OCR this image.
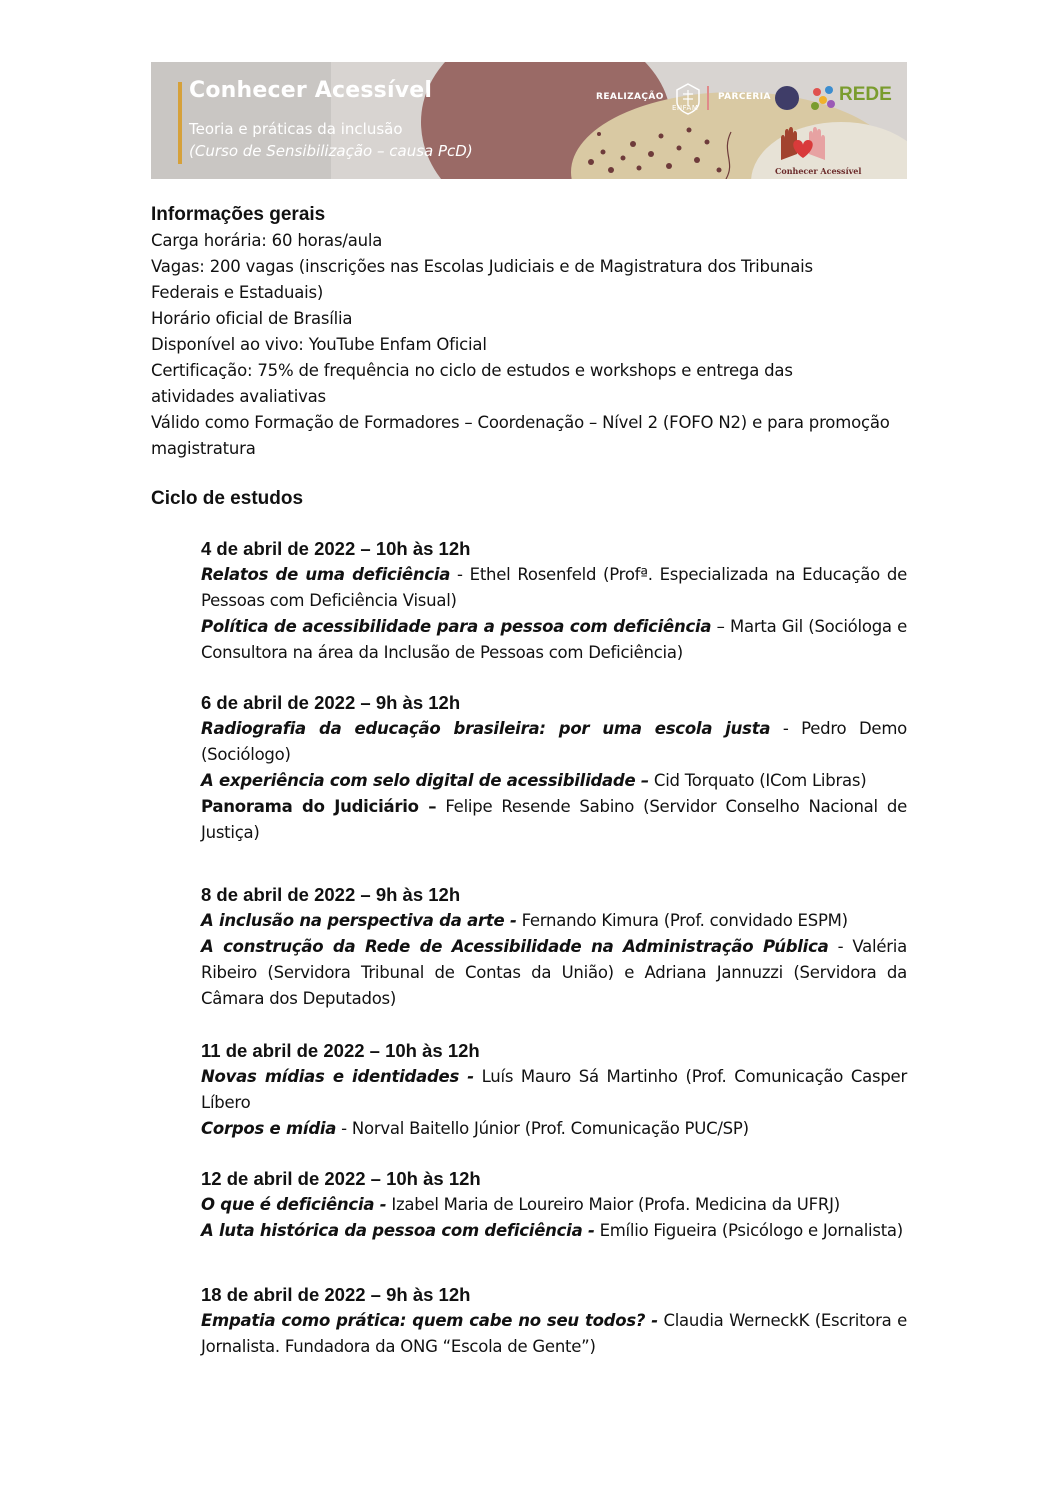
Conhecer Acessível
Teoria e práticas da inclusão
(Curso de Sensibilização – causa PcD)
REALIZAÇÃO
ENFAM
PARCERIA	REDE
Conhecer Acessível
Informações gerais

Carga horária: 60 horas/aula

Vagas: 200 vagas (inscrições nas Escolas Judiciais e de Magistratura dos Tribunais Federais e Estaduais)

Horário oficial de Brasília

Disponível ao vivo: YouTube Enfam Oficial

Certificação: 75% de frequência no ciclo de estudos e workshops e entrega das atividades avaliativas

Válido como Formação de Formadores – Coordenação – Nível 2 (FOFO N2) e para promoção magistratura

Ciclo de estudos
4 de abril de 2022 – 10h às 12h

Relatos de uma deficiência - Ethel Rosenfeld (Profª. Especializada na Educação de Pessoas com Deficiência Visual)

Política de acessibilidade para a pessoa com deficiência – Marta Gil (Socióloga e Consultora na área da Inclusão de Pessoas com Deficiência)

6 de abril de 2022 – 9h às 12h

Radiografia da educação brasileira: por uma escola justa - Pedro Demo (Sociólogo)

A experiência com selo digital de acessibilidade – Cid Torquato (ICom Libras)

Panorama do Judiciário – Felipe Resende Sabino (Servidor Conselho Nacional de Justiça)

8 de abril de 2022 – 9h às 12h

A inclusão na perspectiva da arte - Fernando Kimura (Prof. convidado ESPM)

A construção da Rede de Acessibilidade na Administração Pública - Valéria Ribeiro (Servidora Tribunal de Contas da União) e Adriana Jannuzzi (Servidora da Câmara dos Deputados)

11 de abril de 2022 – 10h às 12h

Novas mídias e identidades - Luís Mauro Sá Martinho (Prof. Comunicação Casper Líbero

Corpos e mídia - Norval Baitello Júnior (Prof. Comunicação PUC/SP)

12 de abril de 2022 – 10h às 12h

O que é deficiência - Izabel Maria de Loureiro Maior (Profa. Medicina da UFRJ)

A luta histórica da pessoa com deficiência - Emílio Figueira (Psicólogo e Jornalista)

18 de abril de 2022 – 9h às 12h

Empatia como prática: quem cabe no seu todos? - Claudia WerneckK (Escritora e Jornalista. Fundadora da ONG “Escola de Gente”)
